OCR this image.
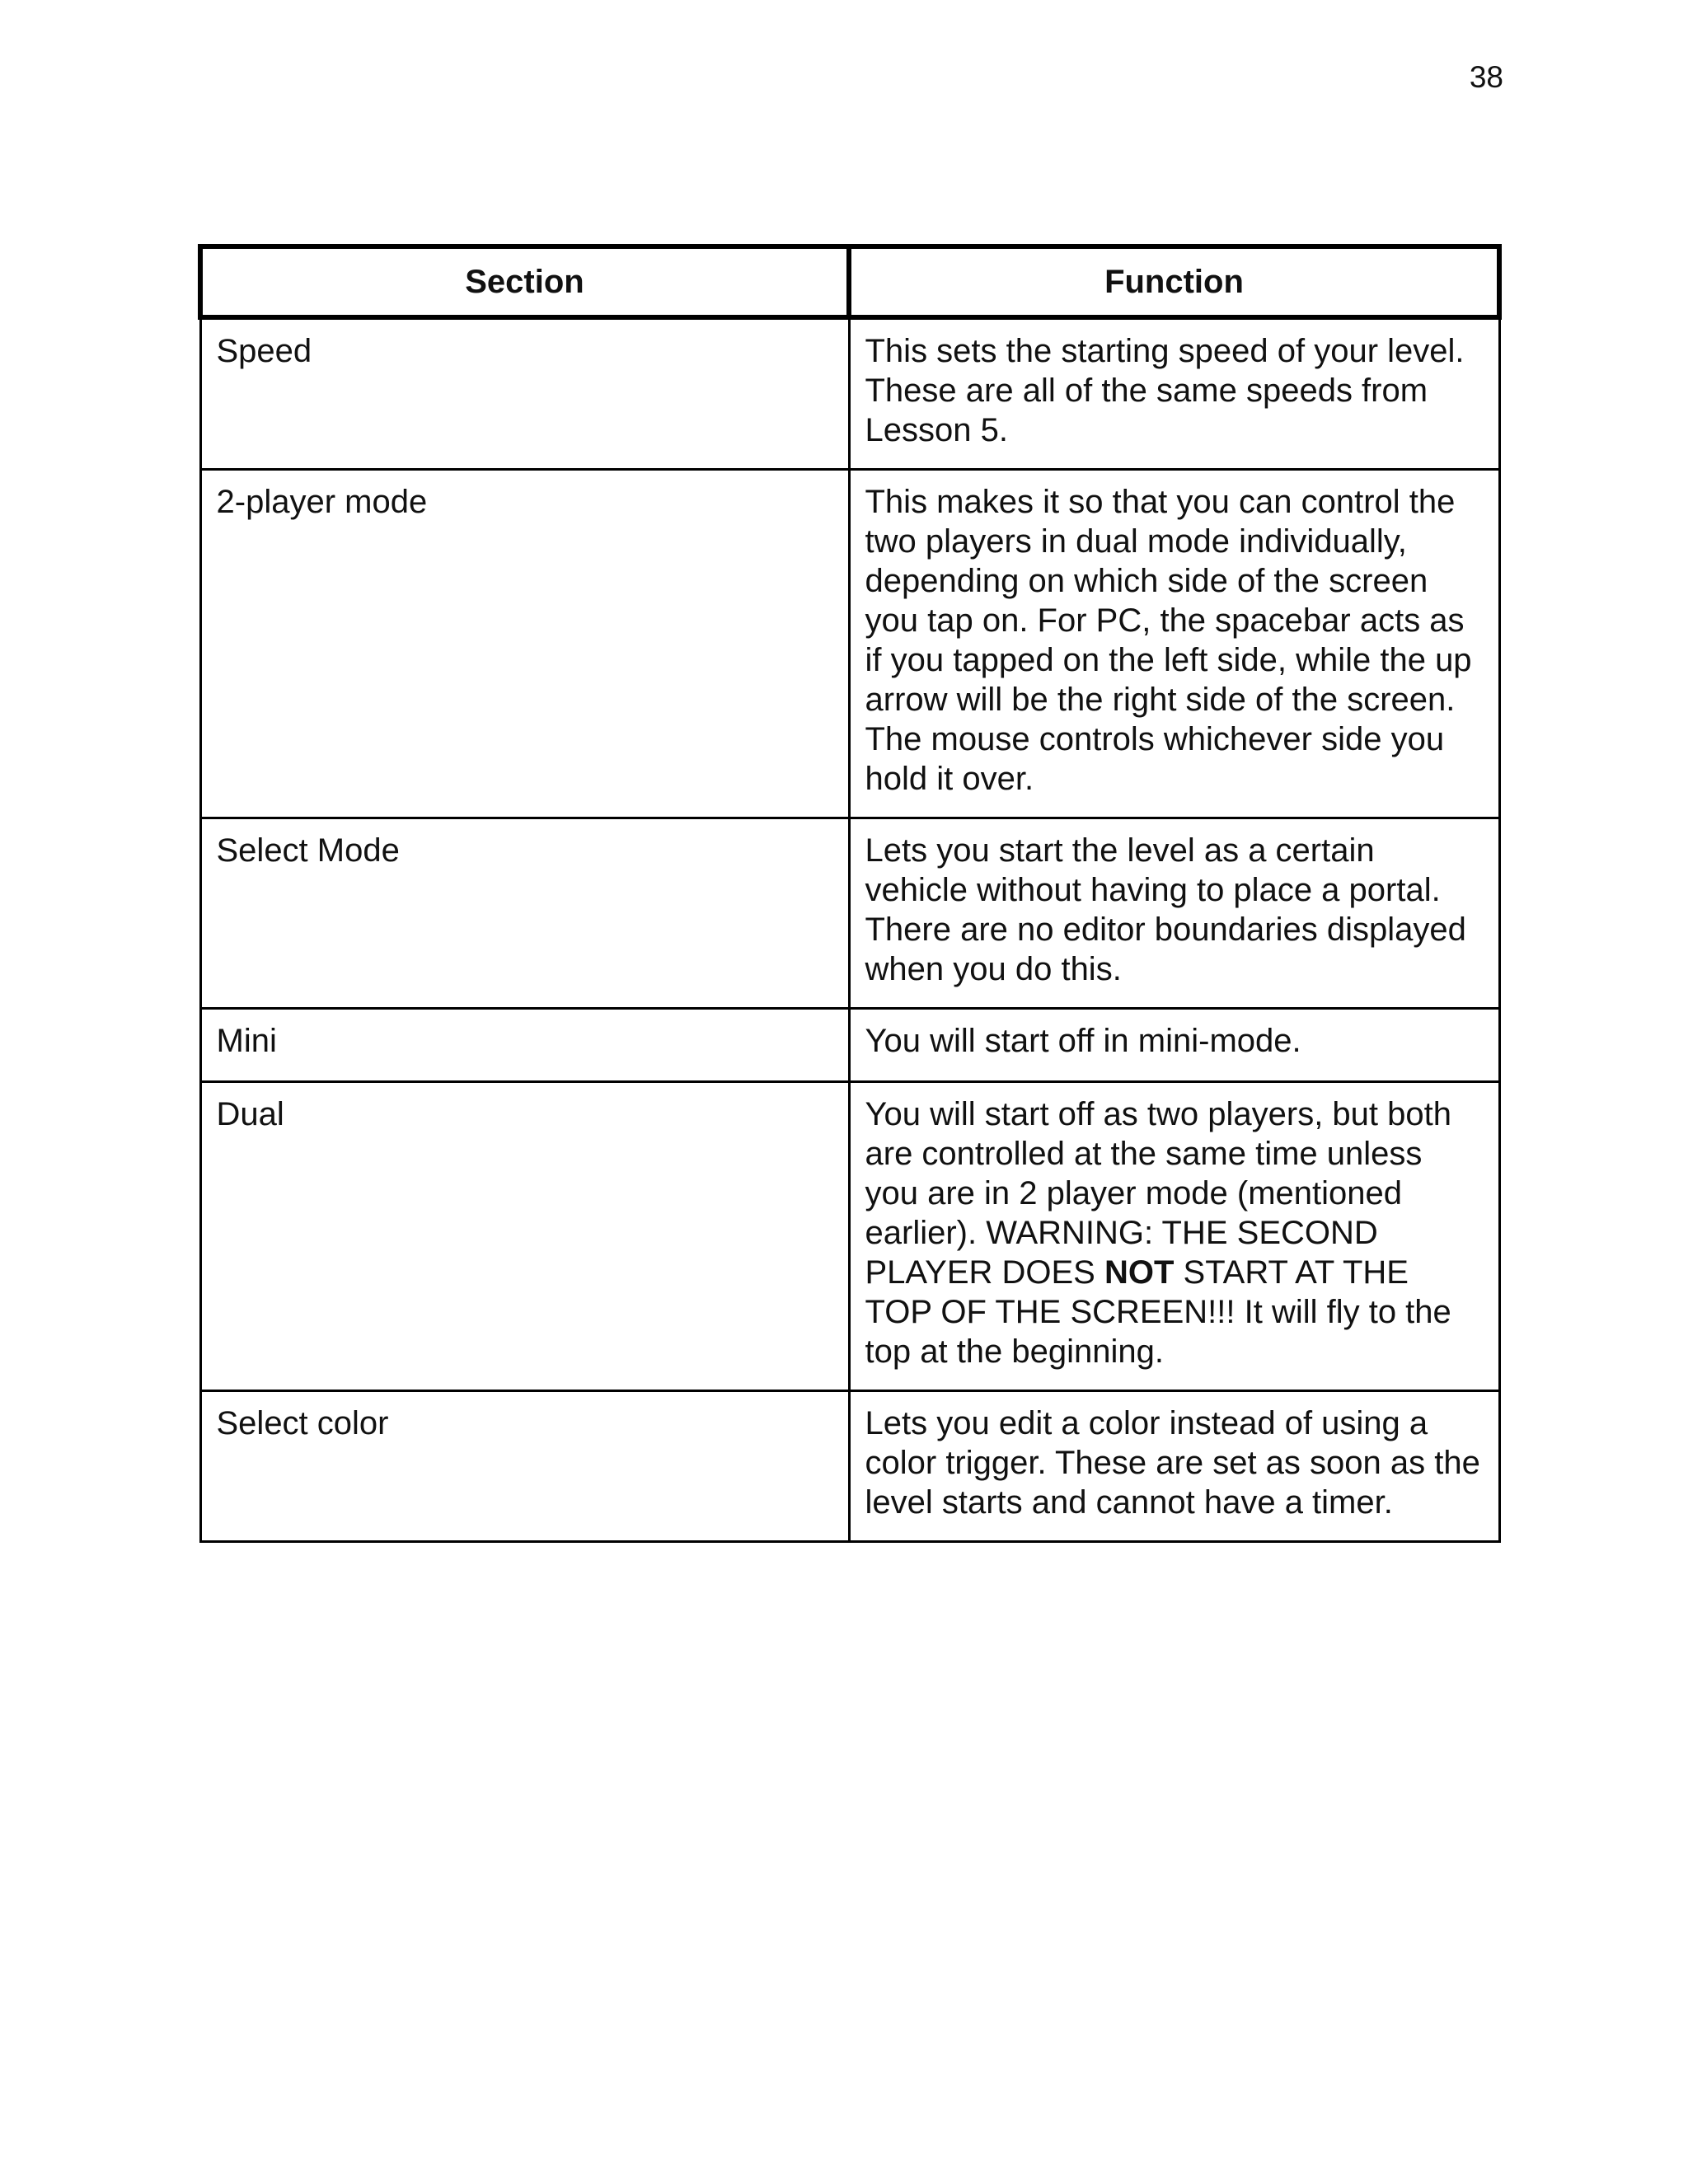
38
Section	Function
Speed	This sets the starting speed of your level. These are all of the same speeds from Lesson 5.
2-player mode	This makes it so that you can control the two players in dual mode individually, depending on which side of the screen you tap on. For PC, the spacebar acts as if you tapped on the left side, while the up arrow will be the right side of the screen. The mouse controls whichever side you hold it over.
Select Mode	Lets you start the level as a certain vehicle without having to place a portal. There are no editor boundaries displayed when you do this.
Mini	You will start off in mini-mode.
Dual	You will start off as two players, but both are controlled at the same time unless you are in 2 player mode (mentioned earlier). WARNING: THE SECOND PLAYER DOES NOT START AT THE TOP OF THE SCREEN!!! It will fly to the top at the beginning.
Select color	Lets you edit a color instead of using a color trigger. These are set as soon as the level starts and cannot have a timer.
